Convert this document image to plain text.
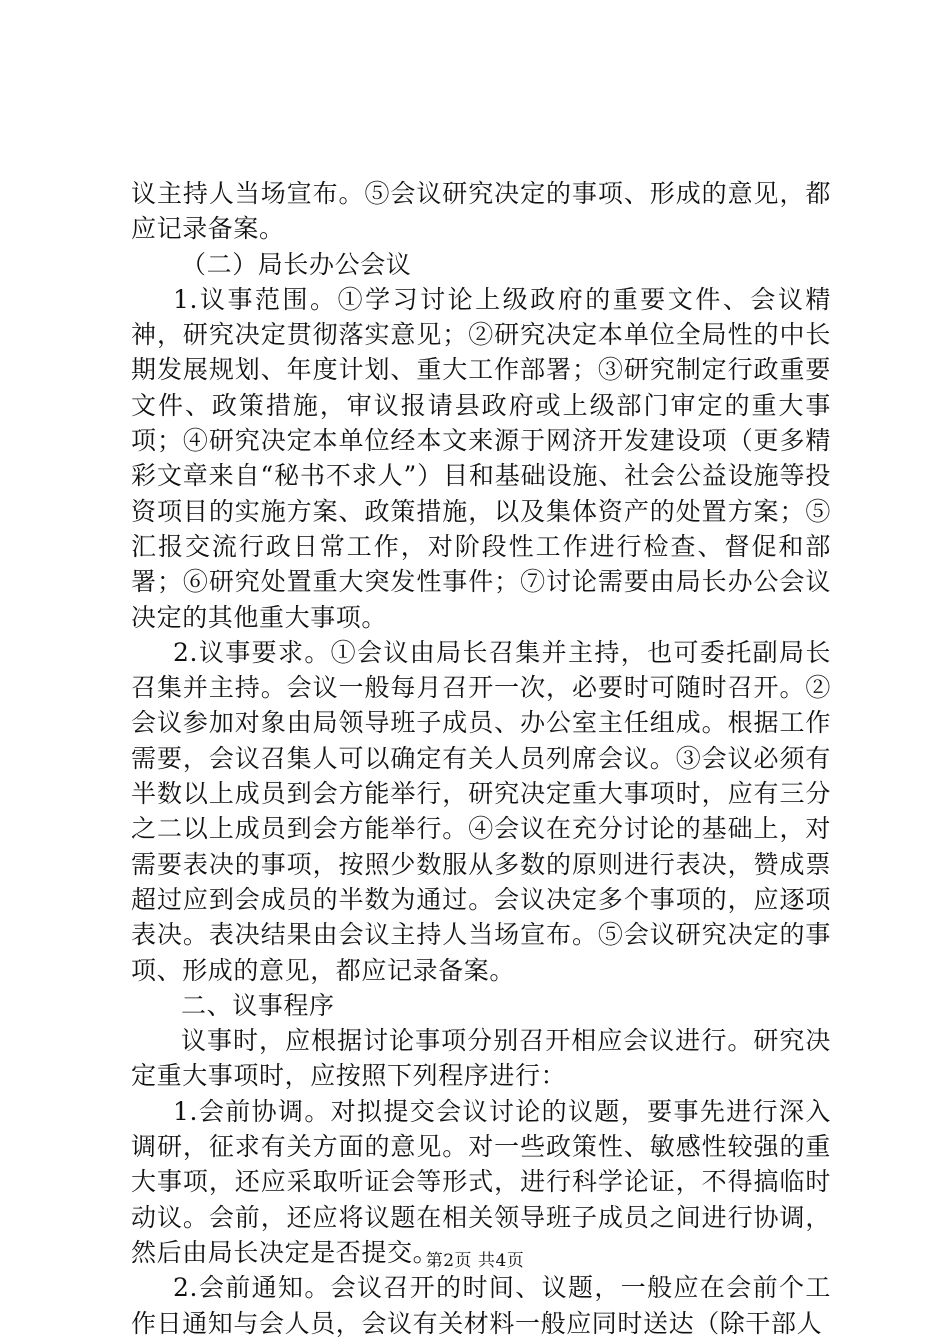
议主持人当场宣布。⑤会议研究决定的事项、形成的意见，都应记录备案。

（二）局长办公会议

1.议事范围。①学习讨论上级政府的重要文件、会议精神，研究决定贯彻落实意见；②研究决定本单位全局性的中长期发展规划、年度计划、重大工作部署；③研究制定行政重要文件、政策措施，审议报请县政府或上级部门审定的重大事项；④研究决定本单位经本文来源于网济开发建设项（更多精彩文章来自“秘书不求人”）目和基础设施、社会公益设施等投资项目的实施方案、政策措施，以及集体资产的处置方案；⑤汇报交流行政日常工作，对阶段性工作进行检查、督促和部署；⑥研究处置重大突发性事件；⑦讨论需要由局长办公会议决定的其他重大事项。

2.议事要求。①会议由局长召集并主持，也可委托副局长召集并主持。会议一般每月召开一次，必要时可随时召开。②会议参加对象由局领导班子成员、办公室主任组成。根据工作需要，会议召集人可以确定有关人员列席会议。③会议必须有半数以上成员到会方能举行，研究决定重大事项时，应有三分之二以上成员到会方能举行。④会议在充分讨论的基础上，对需要表决的事项，按照少数服从多数的原则进行表决，赞成票超过应到会成员的半数为通过。会议决定多个事项的，应逐项表决。表决结果由会议主持人当场宣布。⑤会议研究决定的事项、形成的意见，都应记录备案。

二、议事程序

议事时，应根据讨论事项分别召开相应会议进行。研究决定重大事项时，应按照下列程序进行：

1.会前协调。对拟提交会议讨论的议题，要事先进行深入调研，征求有关方面的意见。对一些政策性、敏感性较强的重大事项，还应采取听证会等形式，进行科学论证，不得搞临时动议。会前，还应将议题在相关领导班子成员之间进行协调，然后由局长决定是否提交。

2.会前通知。会议召开的时间、议题，一般应在会前个工作日通知与会人员，会议有关材料一般应同时送达（除干部人

第2页 共4页
